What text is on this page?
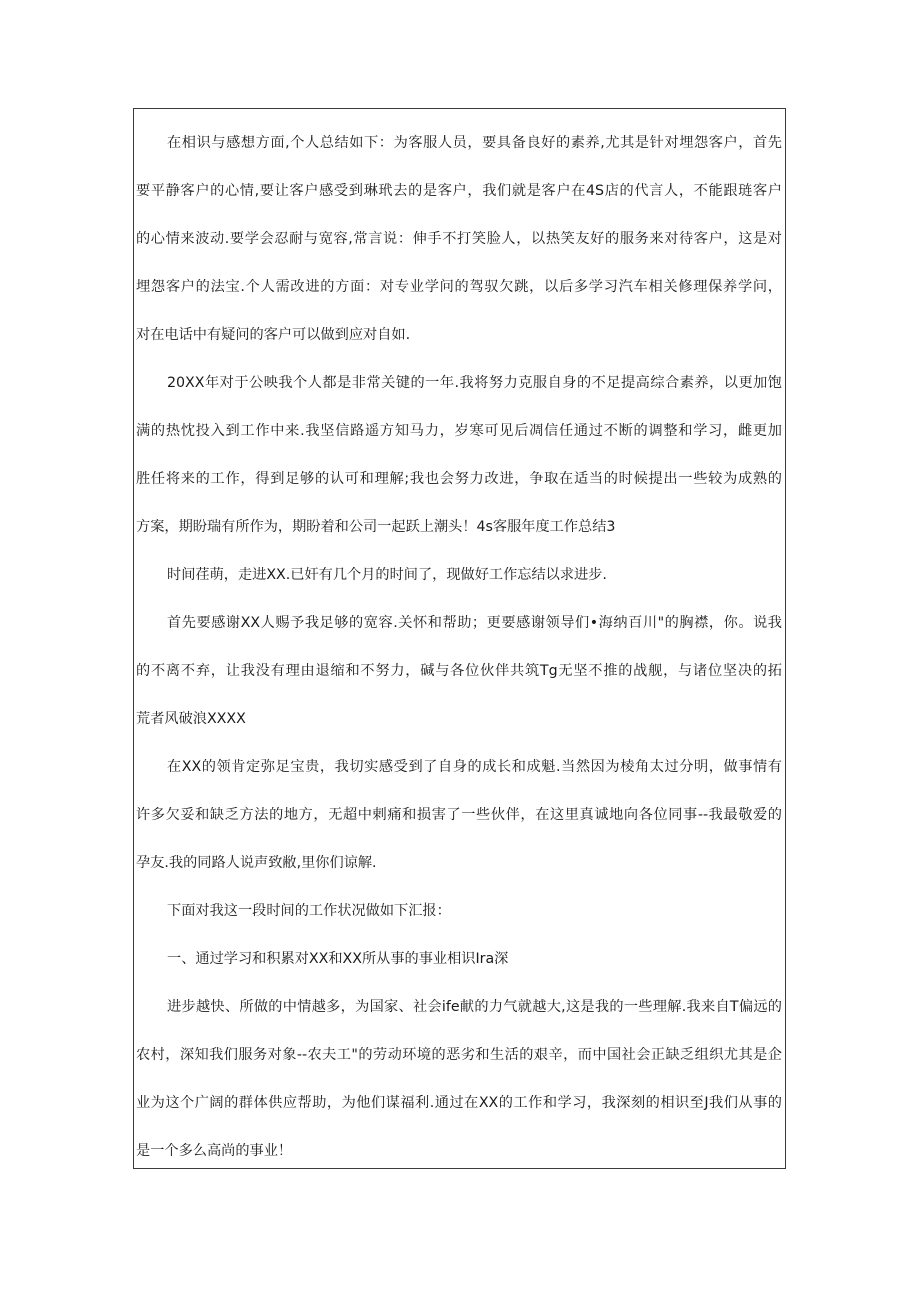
在相识与感想方面,个人总结如下：为客服人员，要具备良好的素养,尤其是针对埋怨客户，首先
要平静客户的心情,要让客户感受到琳玳去的是客户，我们就是客户在4S店的代言人，不能跟琏客户
的心情来波动.要学会忍耐与宽容,常言说：伸手不打笑脸人，以热笑友好的服务来对待客户，这是对
埋怨客户的法宝.个人需改进的方面：对专业学问的驾驭欠跳，以后多学习汽车相关修理保养学问，
对在电话中有疑问的客户可以做到应对自如.
20XX年对于公映我个人都是非常关键的一年.我将努力克服自身的不足提高综合素养，以更加饱
满的热忱投入到工作中来.我坚信路遥方知马力，岁寒可见后凋信任通过不断的调整和学习，雌更加
胜任将来的工作，得到足够的认可和理解;我也会努力改进，争取在适当的时候提出一些较为成熟的
方案，期盼瑞有所作为，期盼着和公司一起跃上潮头！4s客服年度工作总结3
时间荏萌，走进XX.已奸有几个月的时间了，现做好工作忘结以求进步.
首先要感谢XX人赐予我足够的宽容.关怀和帮助；更要感谢领导们•海纳百川"的胸襟，你。说我
的不离不弃，让我没有理由退缩和不努力，碱与各位伙伴共筑Tg无坚不推的战舰，与诸位坚决的拓
荒者风破浪XXXX
在XX的领肯定弥足宝贵，我切实感受到了自身的成长和成魁.当然因为棱角太过分明，做事情有
许多欠妥和缺乏方法的地方，无超中剌痛和损害了一些伙伴，在这里真诚地向各位同事--我最敬爱的
孕友.我的同路人说声致敝,里你们谅解.
下面对我这一段时间的工作状况做如下汇报：
一、通过学习和积累对XX和XX所从事的事业相识Ira深
进步越快、所做的中情越多，为国家、社会ife献的力气就越大,这是我的一些理解.我来自T偏远的
农村，深知我们服务对象--农夫工"的劳动环境的恶劣和生活的艰辛，而中国社会正缺乏组织尤其是企
业为这个广阔的群体供应帮助，为他们谋福利.通过在XX的工作和学习，我深刻的相识至J我们从事的
是一个多么高尚的事业！
